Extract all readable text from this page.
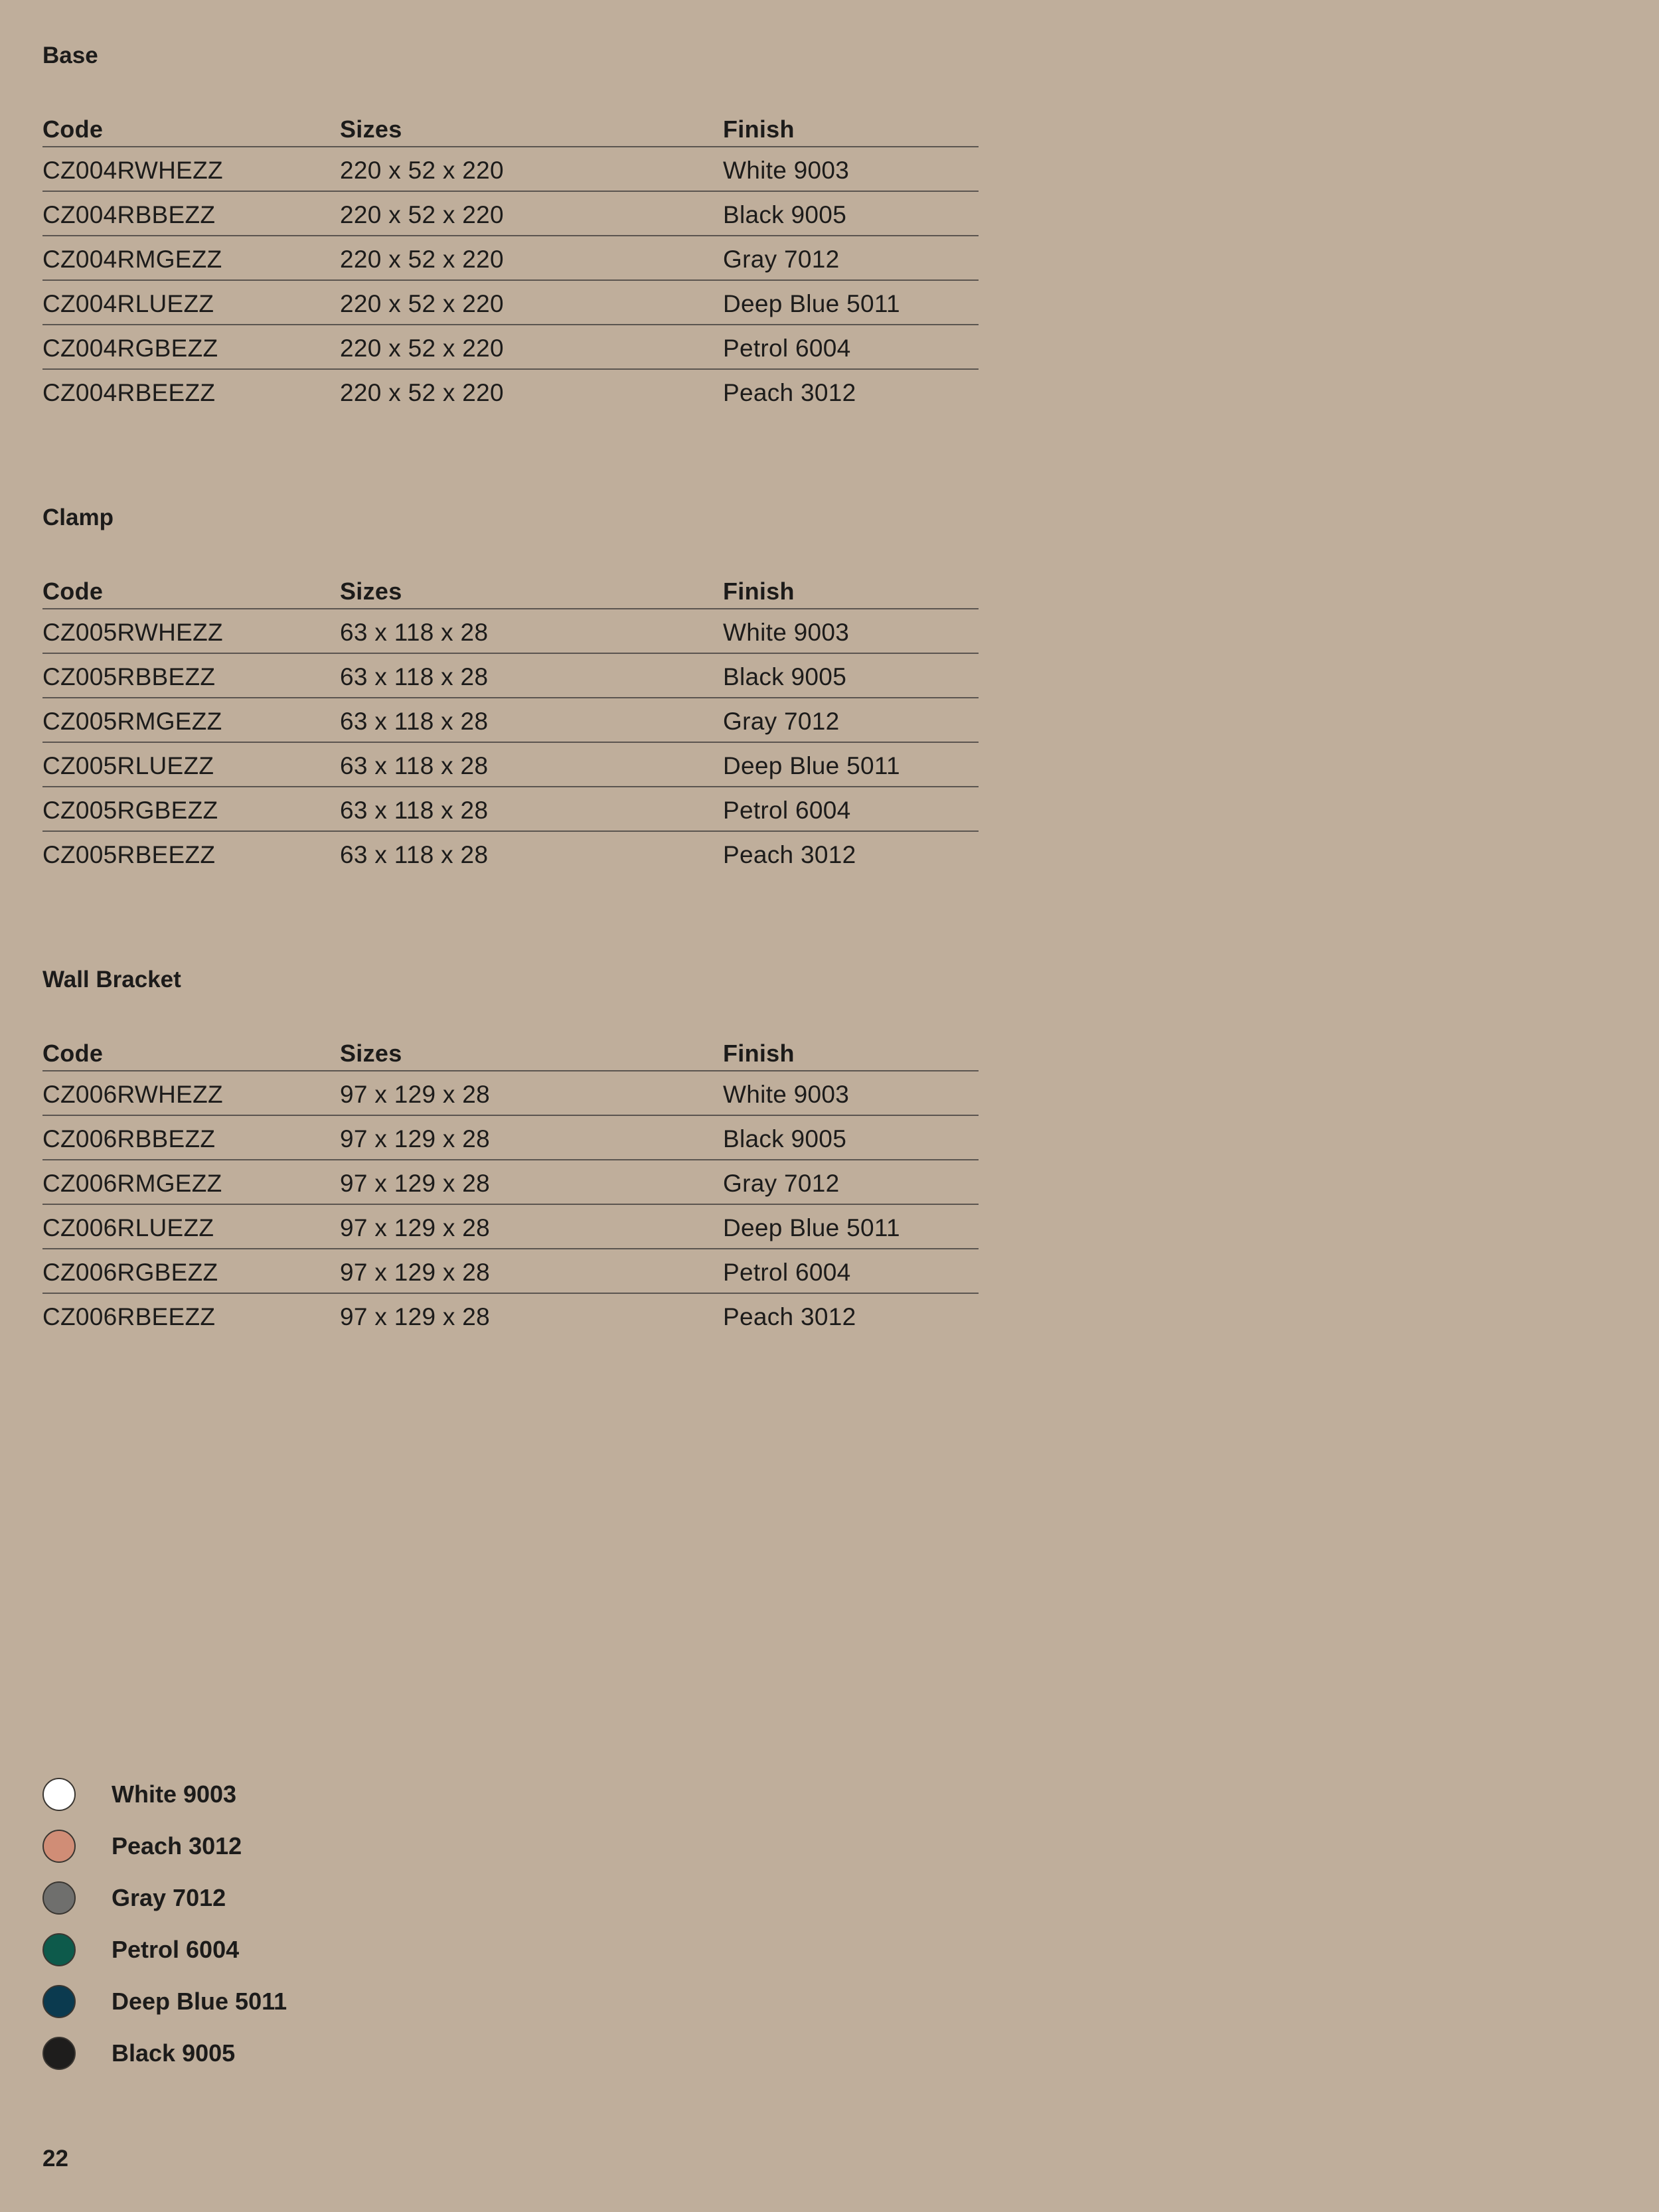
Base
Code	Sizes	Finish
CZ004RWHEZZ	220 x 52 x 220	White 9003
CZ004RBBEZZ	220 x 52 x 220	Black 9005
CZ004RMGEZZ	220 x 52 x 220	Gray 7012
CZ004RLUEZZ	220 x 52 x 220	Deep Blue 5011
CZ004RGBEZZ	220 x 52 x 220	Petrol 6004
CZ004RBEEZZ	220 x 52 x 220	Peach 3012
Clamp
Code	Sizes	Finish
CZ005RWHEZZ	63 x 118 x 28	White 9003
CZ005RBBEZZ	63 x 118 x 28	Black 9005
CZ005RMGEZZ	63 x 118 x 28	Gray 7012
CZ005RLUEZZ	63 x 118 x 28	Deep Blue 5011
CZ005RGBEZZ	63 x 118 x 28	Petrol 6004
CZ005RBEEZZ	63 x 118 x 28	Peach 3012
Wall Bracket
Code	Sizes	Finish
CZ006RWHEZZ	97 x 129 x 28	White 9003
CZ006RBBEZZ	97 x 129 x 28	Black 9005
CZ006RMGEZZ	97 x 129 x 28	Gray 7012
CZ006RLUEZZ	97 x 129 x 28	Deep Blue 5011
CZ006RGBEZZ	97 x 129 x 28	Petrol 6004
CZ006RBEEZZ	97 x 129 x 28	Peach 3012
White 9003
Peach 3012
Gray 7012
Petrol 6004
Deep Blue 5011
Black 9005
22
